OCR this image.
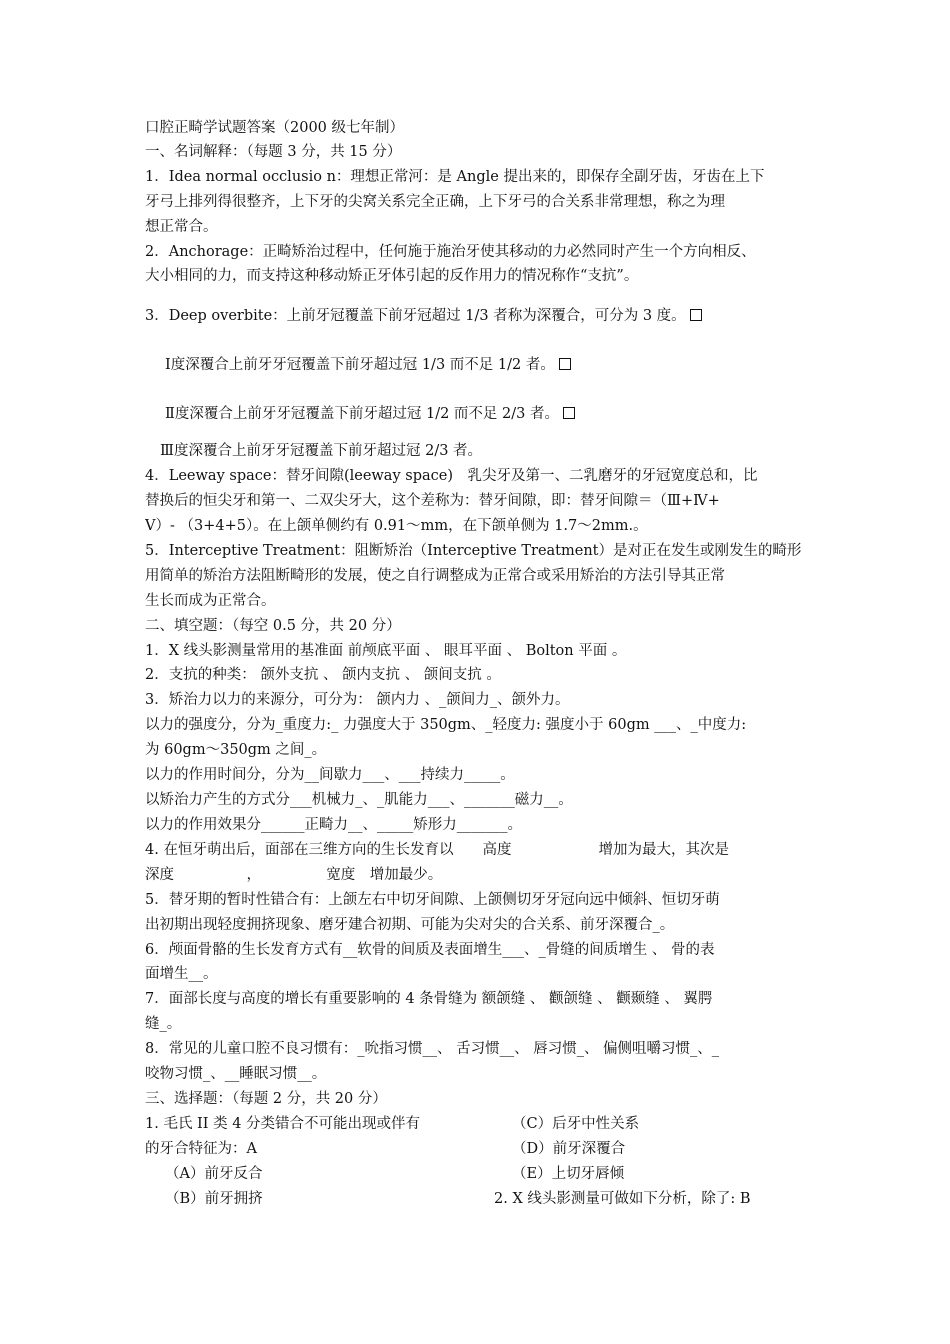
口腔正畸学试题答案（2000 级七年制）
一、名词解释：（每题 3 分，共 15 分）
1．Idea normal occlusio n：理想正常河：是 Angle 提出来的，即保存全副牙齿，牙齿在上下
牙弓上排列得很整齐，上下牙的尖窝关系完全正确，上下牙弓的合关系非常理想，称之为理
想正常合。
2．Anchorage：正畸矫治过程中，任何施于施治牙使其移动的力必然同时产生一个方向相反、
大小相同的力，而支持这种移动矫正牙体引起的反作用力的情况称作“支抗”。
3．Deep overbite：上前牙冠覆盖下前牙冠超过 1/3 者称为深覆合，可分为 3 度。
Ⅰ度深覆合上前牙牙冠覆盖下前牙超过冠 1/3 而不足 1/2 者。
Ⅱ度深覆合上前牙牙冠覆盖下前牙超过冠 1/2 而不足 2/3 者。
Ⅲ度深覆合上前牙牙冠覆盖下前牙超过冠 2/3 者。
4．Leeway space：替牙间隙(leeway space)　乳尖牙及第一、二乳磨牙的牙冠宽度总和，比
替换后的恒尖牙和第一、二双尖牙大，这个差称为：替牙间隙，即：替牙间隙＝（Ⅲ+Ⅳ+
Ⅴ）- （3+4+5）。在上颌单侧约有 0.91～mm，在下颌单侧为 1.7～2mm.。
5．Interceptive Treatment：阻断矫治（Interceptive Treatment）是对正在发生或刚发生的畸形
用简单的矫治方法阻断畸形的发展，使之自行调整成为正常合或采用矫治的方法引导其正常
生长而成为正常合。
二、填空题：（每空 0.5 分，共 20 分）
1．X 线头影测量常用的基准面 前颅底平面 、 眼耳平面 、 Bolton 平面 。
2．支抗的种类： 颌外支抗 、 颌内支抗 、 颌间支抗 。
3．矫治力以力的来源分，可分为： 颌内力 、_颌间力_、颌外力。
以力的强度分，分为_重度力:_ 力强度大于 350gm、_轻度力: 强度小于 60gm ___、_中度力:
为 60gm～350gm 之间_。
以力的作用时间分，分为__间歇力___、___持续力_____。
以矫治力产生的方式分___机械力_、_肌能力___、_______磁力__。
以力的作用效果分______正畸力__、_____矫形力_______。
4. 在恒牙萌出后，面部在三维方向的生长发育以　　高度　　　　　　增加为最大，其次是
深度　　　　　，　　　　　宽度　增加最少。
5．替牙期的暂时性错合有：上颌左右中切牙间隙、上颌侧切牙牙冠向远中倾斜、恒切牙萌
出初期出现轻度拥挤现象、磨牙建合初期、可能为尖对尖的合关系、前牙深覆合_。
6．颅面骨骼的生长发育方式有__软骨的间质及表面增生___、_骨缝的间质增生 、 骨的表
面增生__。
7．面部长度与高度的增长有重要影响的 4 条骨缝为 额颌缝 、 颧颌缝 、 颧颞缝 、 翼腭
缝_。
8．常见的儿童口腔不良习惯有：_吮指习惯__、 舌习惯__、 唇习惯_、 偏侧咀嚼习惯_、_
咬物习惯_、__睡眠习惯__。
三、选择题：（每题 2 分，共 20 分）
1. 毛氏 II 类 4 分类错合不可能出现或伴有
的牙合特征为：A
（A）前牙反合
（B）前牙拥挤
（C）后牙中性关系
（D）前牙深覆合
（E）上切牙唇倾
2. X 线头影测量可做如下分析，除了: B
